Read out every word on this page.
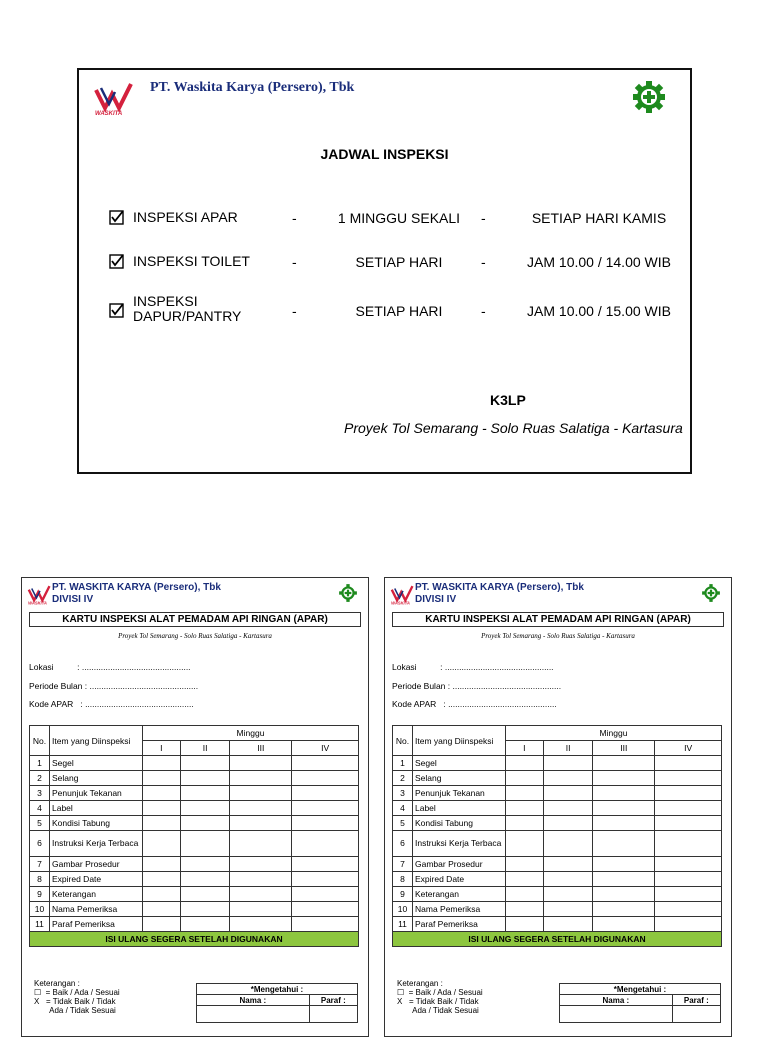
WASKITA
PT. Waskita Karya (Persero), Tbk
JADWAL INSPEKSI
INSPEKSI APAR	-	1 MINGGU SEKALI	-	SETIAP HARI KAMIS
INSPEKSI TOILET	-	SETIAP HARI	-	JAM 10.00 / 14.00 WIB
INSPEKSI
DAPUR/PANTRY	-	SETIAP HARI	-	JAM 10.00 / 15.00 WIB
K3LP
Proyek Tol Semarang - Solo Ruas Salatiga - Kartasura
WASKITA
PT. WASKITA KARYA (Persero), Tbk
DIVISI IV
KARTU INSPEKSI ALAT PEMADAM API RINGAN (APAR)
Proyek Tol Semarang - Solo Ruas Salatiga - Kartasura
Lokasi          : ..............................................
Periode Bulan : ..............................................
Kode APAR   : ..............................................
No.	Item yang Diinspeksi	Minggu			
		I	II	III	IV
1	Segel				
2	Selang				
3	Penunjuk Tekanan				
4	Label				
5	Kondisi Tabung				
6	Instruksi Kerja Terbaca				
7	Gambar Prosedur				
8	Expired Date				
9	Keterangan				
10	Nama Pemeriksa				
11	Paraf Pemeriksa				
ISI ULANG SEGERA SETELAH DIGUNAKAN					
Keterangan :
☐  = Baik / Ada / Sesuai
X   = Tidak Baik / Tidak
Ada / Tidak Sesuai
*Mengetahui :	
Nama :	Paraf :

WASKITA
PT. WASKITA KARYA (Persero), Tbk
DIVISI IV
KARTU INSPEKSI ALAT PEMADAM API RINGAN (APAR)
Proyek Tol Semarang - Solo Ruas Salatiga - Kartasura
Lokasi          : ..............................................
Periode Bulan : ..............................................
Kode APAR   : ..............................................
No.	Item yang Diinspeksi	Minggu			
		I	II	III	IV
1	Segel				
2	Selang				
3	Penunjuk Tekanan				
4	Label				
5	Kondisi Tabung				
6	Instruksi Kerja Terbaca				
7	Gambar Prosedur				
8	Expired Date				
9	Keterangan				
10	Nama Pemeriksa				
11	Paraf Pemeriksa				
ISI ULANG SEGERA SETELAH DIGUNAKAN					
Keterangan :
☐  = Baik / Ada / Sesuai
X   = Tidak Baik / Tidak
Ada / Tidak Sesuai
*Mengetahui :	
Nama :	Paraf :
